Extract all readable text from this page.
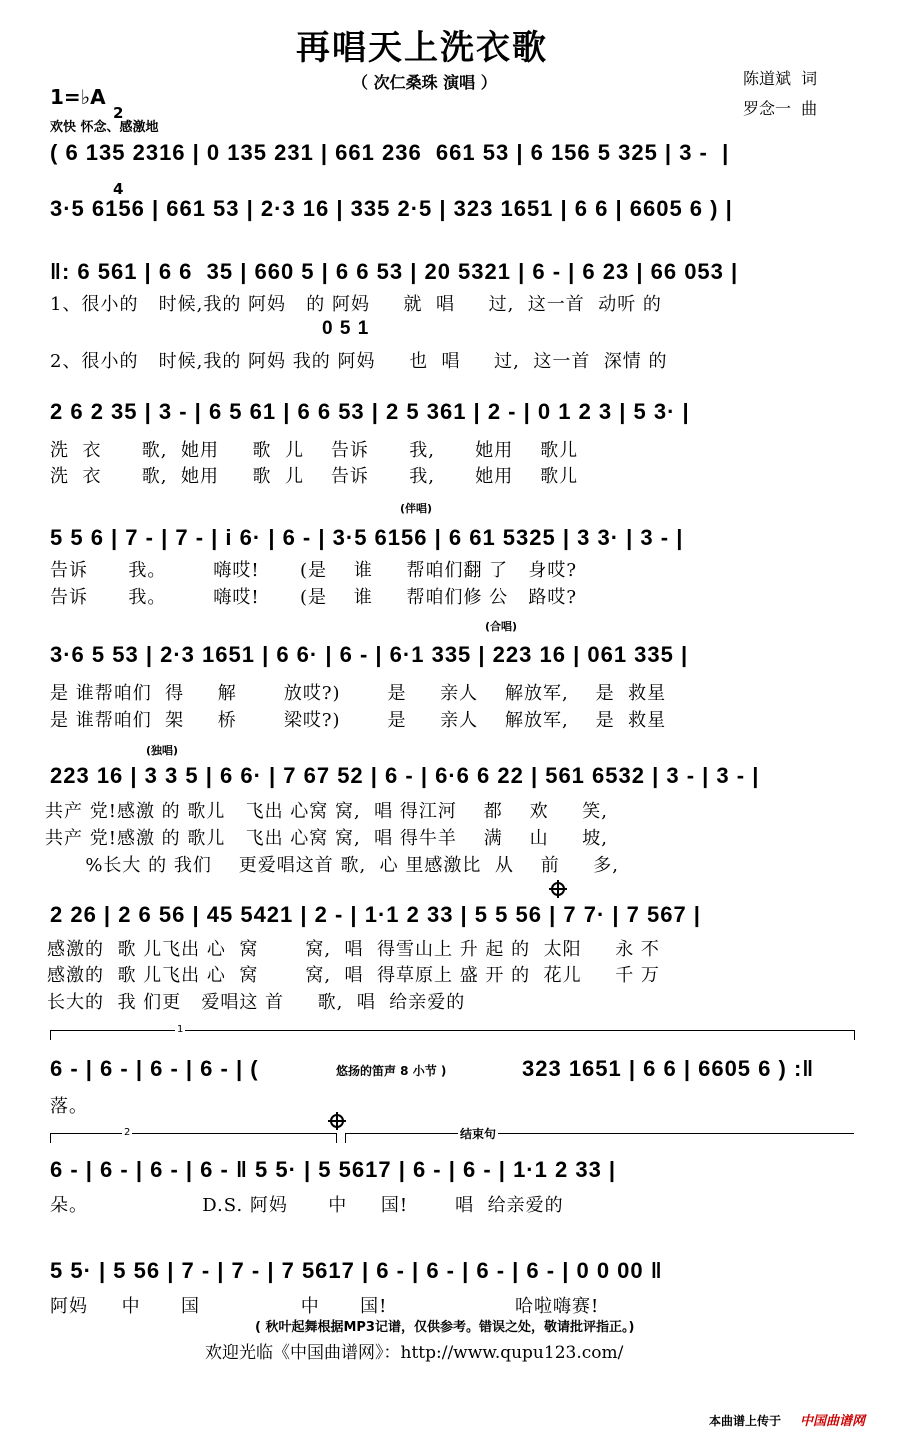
再唱天上洗衣歌
（ 次仁桑珠 演唱 ）	陈道斌  词
罗念一  曲
1=♭A

2

4

欢快 怀念、感激地
( 6 135 2316 | 0 135 231 | 661 236  661 53 | 6 156 5 325 | 3 -  |
3·5 6156 | 661 53 | 2·3 16 | 335 2·5 | 323 1651 | 6 6 | 6605 6 ) |
‖: 6 561 | 6 6  35 | 660 5 | 6 6 53 | 20 5321 | 6 - | 6 23 | 66 053 |
1、很小的   时候,我的 阿妈   的 阿妈     就  唱     过,  这一首  动听 的
0 5 1
2、很小的   时候,我的 阿妈 我的 阿妈     也  唱     过,  这一首  深情 的
2 6 2 35 | 3 - | 6 5 61 | 6 6 53 | 2 5 361 | 2 - | 0 1 2 3 | 5 3· |
洗  衣      歌,  她用     歌  儿    告诉      我,      她用    歌儿
洗  衣      歌,  她用     歌  儿    告诉      我,      她用    歌儿
(伴唱)
5 5 6 | 7 - | 7 - | i 6· | 6 - | 3·5 6156 | 6 61 5325 | 3 3· | 3 - |
告诉      我。       嗨哎!      (是    谁     帮咱们翻 了   身哎?
告诉      我。       嗨哎!      (是    谁     帮咱们修 公   路哎?
(合唱)
3·6 5 53 | 2·3 1651 | 6 6· | 6 - | 6·1 335 | 223 16 | 061 335 |
是 谁帮咱们  得     解       放哎?)       是     亲人    解放军,    是  救星
是 谁帮咱们  架     桥       梁哎?)       是     亲人    解放军,    是  救星
(独唱)
223 16 | 3 3 5 | 6 6· | 7 67 52 | 6 - | 6·6 6 22 | 561 6532 | 3 - | 3 - |
共产 党!感激 的 歌儿   飞出 心窝 窝,  唱 得江河    都    欢     笑,
共产 党!感激 的 歌儿   飞出 心窝 窝,  唱 得牛羊    满    山     坡,
%长大 的 我们    更爱唱这首 歌,  心 里感激比  从    前     多,
2 26 | 2 6 56 | 45 5421 | 2 - | 1·1 2 33 | 5 5 56 | 7 7· | 7 567 |
感激的  歌 儿飞出 心  窝       窝,  唱  得雪山上 升 起 的  太阳     永 不
感激的  歌 儿飞出 心  窝       窝,  唱  得草原上 盛 开 的  花儿     千 万
长大的  我 们更   爱唱这 首     歌,  唱  给亲爱的
1
6 - | 6 - | 6 - | 6 - | (	悠扬的笛声 8 小节 )	323 1651 | 6 6 | 6605 6 ) :‖
落。
2	结束句
6 - | 6 - | 6 - | 6 - ‖ 5 5· | 5 5617 | 6 - | 6 - | 1·1 2 33 |
朵。                 D.S. 阿妈      中     国!       唱  给亲爱的
5 5· | 5 56 | 7 - | 7 - | 7 5617 | 6 - | 6 - | 6 - | 6 - | 0 0 00 ‖
阿妈     中      国               中      国!                   哈啦嗨赛!
( 秋叶起舞根据MP3记谱，仅供参考。错误之处，敬请批评指正。)
欢迎光临《中国曲谱网》：http://www.qupu123.com/
本曲谱上传于 中国曲谱网
